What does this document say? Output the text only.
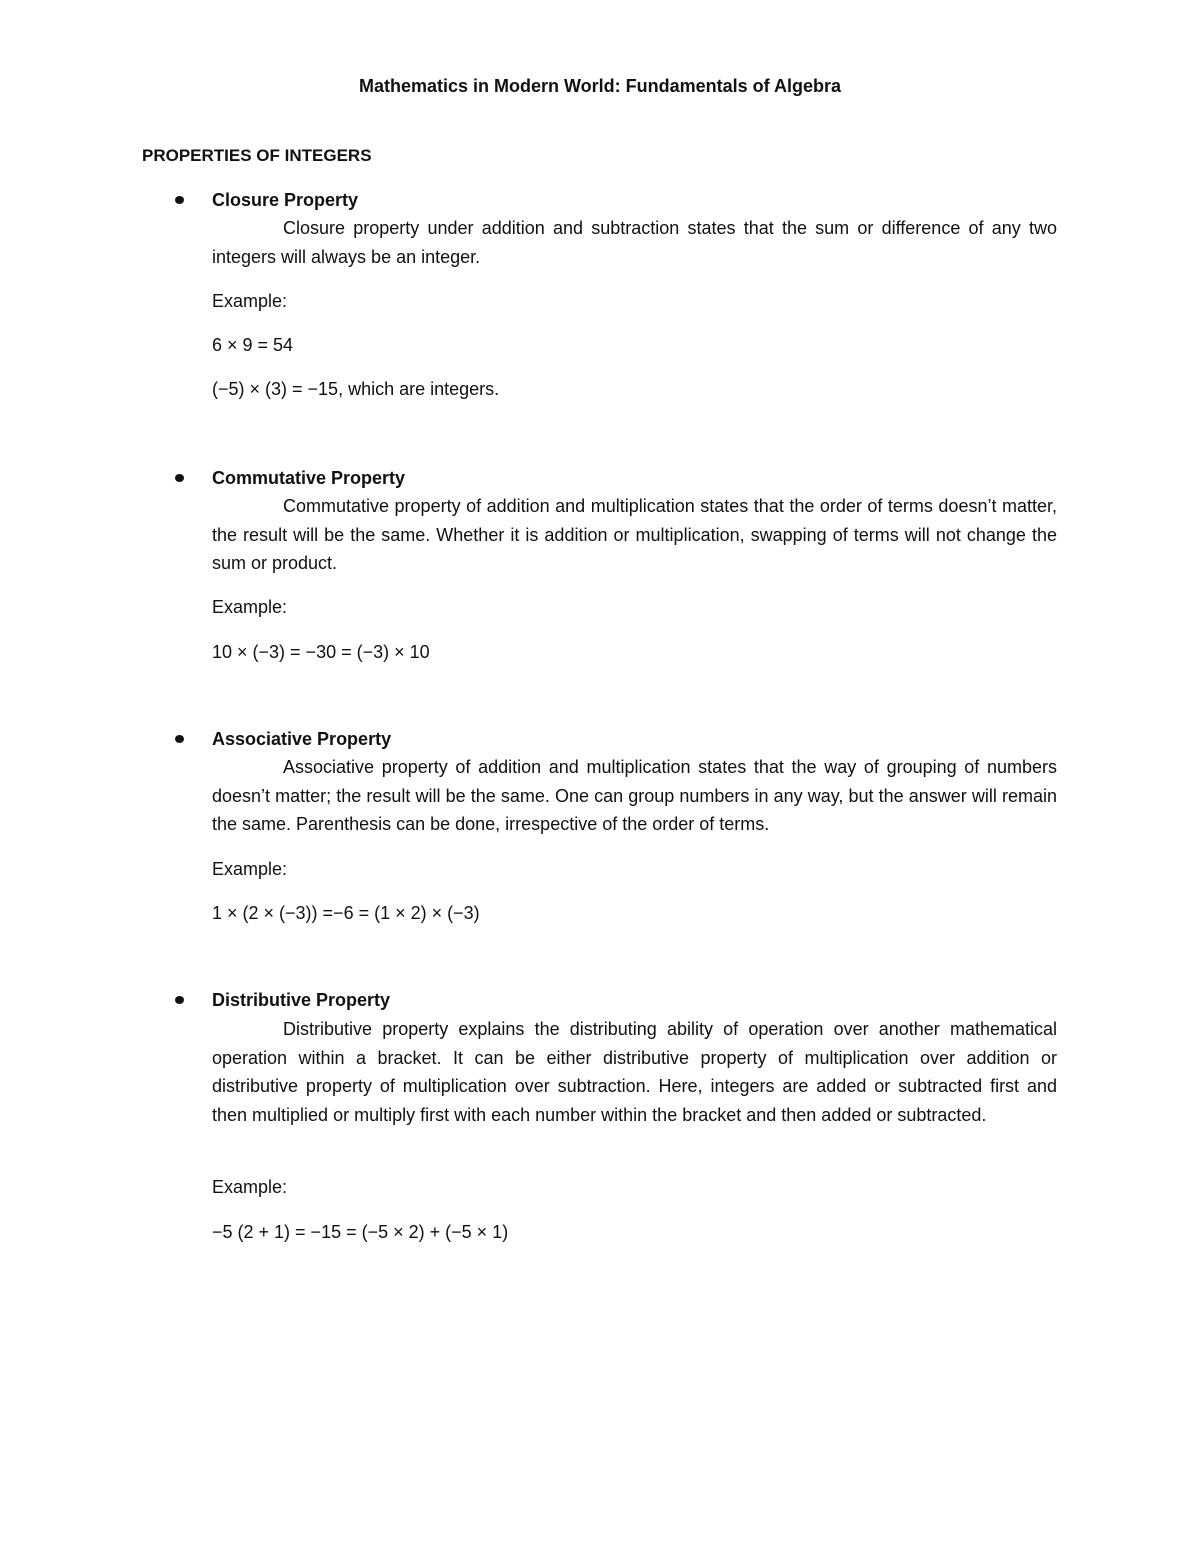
Mathematics in Modern World: Fundamentals of Algebra
PROPERTIES OF INTEGERS
Closure Property

Closure property under addition and subtraction states that the sum or difference of any two integers will always be an integer.

Example:
6 × 9 = 54
(−5) × (3) = −15, which are integers.
Commutative Property

Commutative property of addition and multiplication states that the order of terms doesn’t matter, the result will be the same. Whether it is addition or multiplication, swapping of terms will not change the sum or product.

Example:
10 × (−3) = −30 = (−3) × 10
Associative Property

Associative property of addition and multiplication states that the way of grouping of numbers doesn’t matter; the result will be the same. One can group numbers in any way, but the answer will remain the same. Parenthesis can be done, irrespective of the order of terms.

Example:
1 × (2 × (−3)) =−6 = (1 × 2) × (−3)
Distributive Property

Distributive property explains the distributing ability of operation over another mathematical operation within a bracket. It can be either distributive property of multiplication over addition or distributive property of multiplication over subtraction. Here, integers are added or subtracted first and then multiplied or multiply first with each number within the bracket and then added or subtracted.

Example:
−5 (2 + 1) = −15 = (−5 × 2) + (−5 × 1)
